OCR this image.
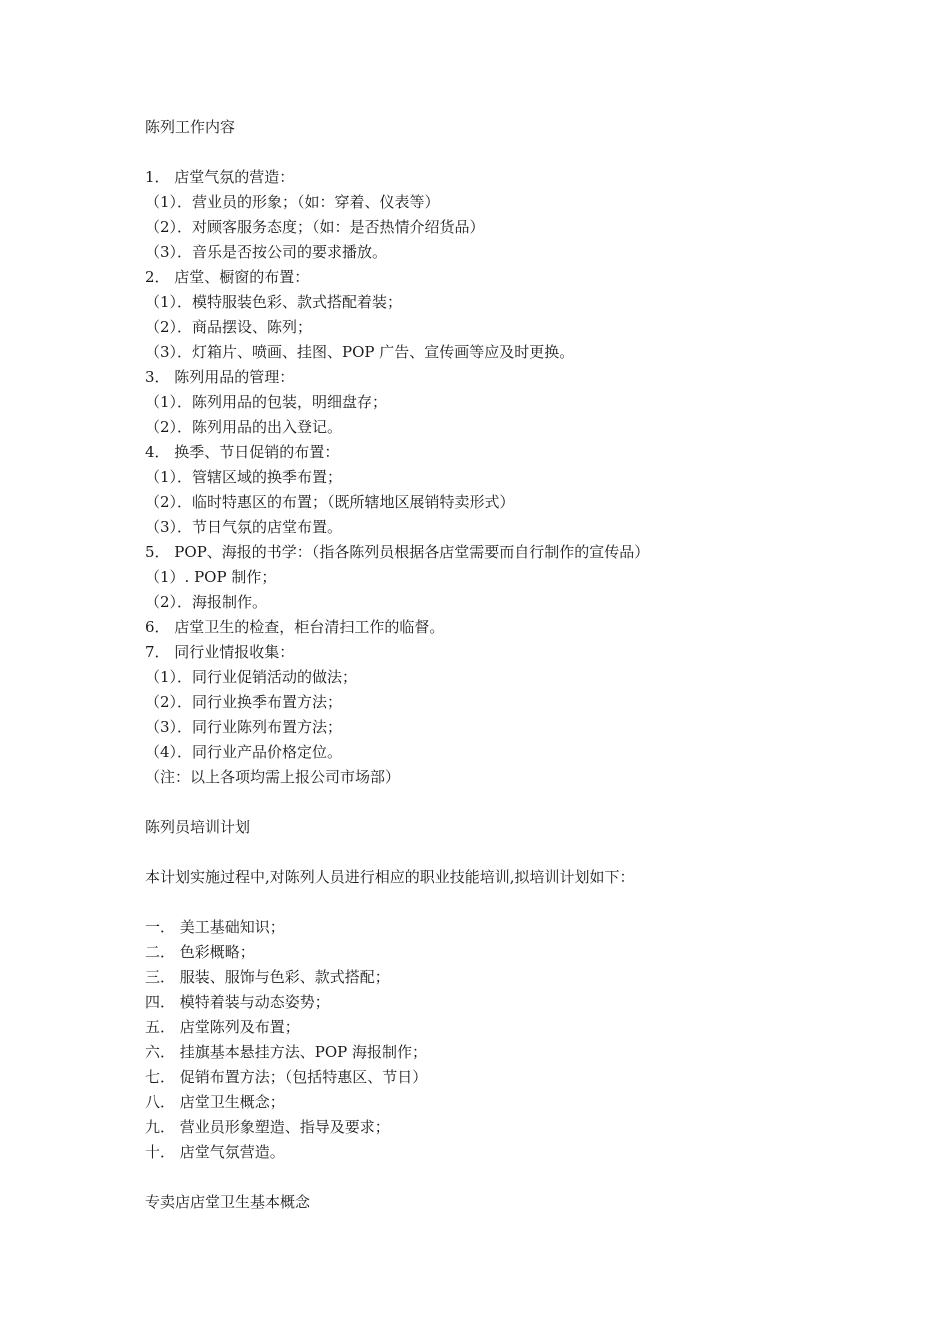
陈列工作内容
1． 店堂气氛的营造：
（1）．营业员的形象；（如：穿着、仪表等）
（2）．对顾客服务态度；（如：是否热情介绍货品）
（3）．音乐是否按公司的要求播放。
2． 店堂、橱窗的布置：
（1）．模特服装色彩、款式搭配着装；
（2）．商品摆设、陈列；
（3）．灯箱片、喷画、挂图、POP 广告、宣传画等应及时更换。
3． 陈列用品的管理：
（1）．陈列用品的包装，明细盘存；
（2）．陈列用品的出入登记。
4． 换季、节日促销的布置：
（1）．管辖区域的换季布置；
（2）．临时特惠区的布置；（既所辖地区展销特卖形式）
（3）．节日气氛的店堂布置。
5． POP、海报的书学：（指各陈列员根据各店堂需要而自行制作的宣传品）
（1）. POP 制作；
（2）．海报制作。
6． 店堂卫生的检查，柜台清扫工作的临督。
7． 同行业情报收集：
（1）．同行业促销活动的做法；
（2）．同行业换季布置方法；
（3）．同行业陈列布置方法；
（4）．同行业产品价格定位。
（注：以上各项均需上报公司市场部）
陈列员培训计划
本计划实施过程中,对陈列人员进行相应的职业技能培训,拟培训计划如下：
一． 美工基础知识；
二． 色彩概略；
三． 服装、服饰与色彩、款式搭配；
四． 模特着装与动态姿势；
五． 店堂陈列及布置；
六． 挂旗基本悬挂方法、POP 海报制作；
七． 促销布置方法；（包括特惠区、节日）
八． 店堂卫生概念；
九． 营业员形象塑造、指导及要求；
十． 店堂气氛营造。
专卖店店堂卫生基本概念
